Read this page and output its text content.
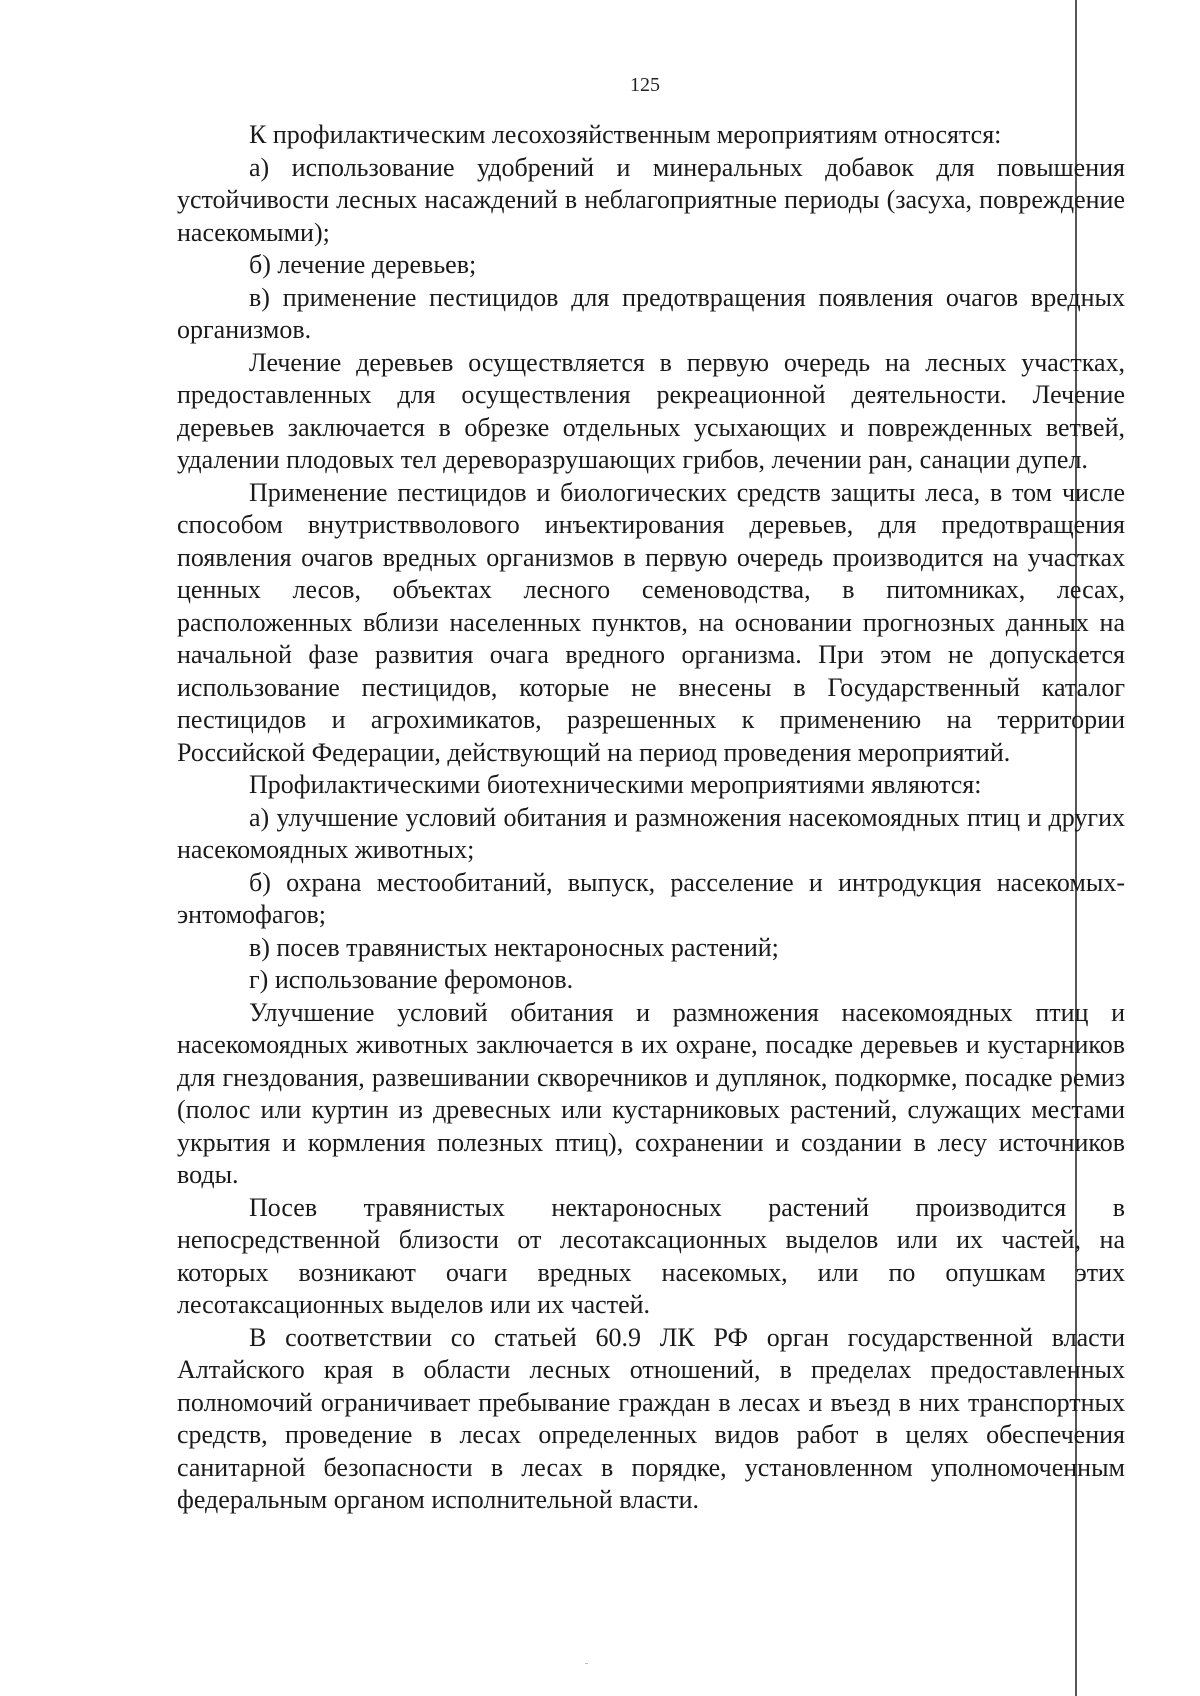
125

К профилактическим лесохозяйственным мероприятиям относятся:

а) использование удобрений и минеральных добавок для повышения устойчивости лесных насаждений в неблагоприятные периоды (засуха, повреждение насекомыми);

б) лечение деревьев;

в) применение пестицидов для предотвращения появления очагов вредных организмов.

Лечение деревьев осуществляется в первую очередь на лесных участках, предоставленных для осуществления рекреационной деятельности. Лечение деревьев заключается в обрезке отдельных усыхающих и поврежденных ветвей, удалении плодовых тел дереворазрушающих грибов, лечении ран, санации дупел.

Применение пестицидов и биологических средств защиты леса, в том числе способом внутриствволового инъектирования деревьев, для предотвращения появления очагов вредных организмов в первую очередь производится на участках ценных лесов, объектах лесного семеноводства, в питомниках, лесах, расположенных вблизи населенных пунктов, на основании прогнозных данных на начальной фазе развития очага вредного организма. При этом не допускается использование пестицидов, которые не внесены в Государственный каталог пестицидов и агрохимикатов, разрешенных к применению на территории Российской Федерации, действующий на период проведения мероприятий.

Профилактическими биотехническими мероприятиями являются:

а) улучшение условий обитания и размножения насекомоядных птиц и других насекомоядных животных;

б) охрана местообитаний, выпуск, расселение и интродукция насекомых-энтомофагов;

в) посев травянистых нектароносных растений;

г) использование феромонов.

Улучшение условий обитания и размножения насекомоядных птиц и насекомоядных животных заключается в их охране, посадке деревьев и кустарников для гнездования, развешивании скворечников и дуплянок, подкормке, посадке ремиз (полос или куртин из древесных или кустарниковых растений, служащих местами укрытия и кормления полезных птиц), сохранении и создании в лесу источников воды.

Посев травянистых нектароносных растений производится в непосредственной близости от лесотаксационных выделов или их частей, на которых возникают очаги вредных насекомых, или по опушкам этих лесотаксационных выделов или их частей.

В соответствии со статьей 60.9 ЛК РФ орган государственной власти Алтайского края в области лесных отношений, в пределах предоставленных полномочий ограничивает пребывание граждан в лесах и въезд в них транспортных средств, проведение в лесах определенных видов работ в целях обеспечения санитарной безопасности в лесах в порядке, установленном уполномоченным федеральным органом исполнительной власти.
